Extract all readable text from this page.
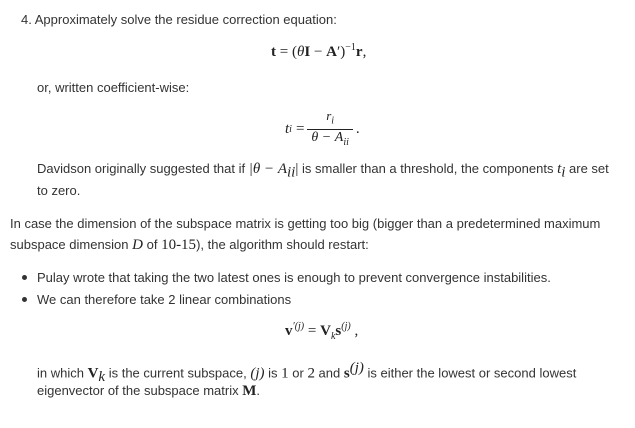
4. Approximately solve the residue correction equation:
$t = (\theta I - A')^{-1}r$,
or, written coefficient-wise:
t $i = \frac{r_i}{\theta - A_{ii}}$ .
Davidson originally suggested that if $|\theta - A_{ii}|$ is smaller than a threshold, the components $t_i$ are set
to zero.
In case the dimension of the subspace matrix is getting too big (bigger than a predetermined maximum
subspace dimension D of 10-15), the algorithm should restart:
Pulay wrote that taking the two latest ones is enough to prevent convergence instabilities.
We can therefore take 2 linear combinations
$v^{'(j)} = V_ks^{(j)}$ ,
in which $V_k$ is the current subspace, (j) is 1 or 2 and $s^{(j)}$ is either the lowest or second lowest
eigenvector of the subspace matrix M.
